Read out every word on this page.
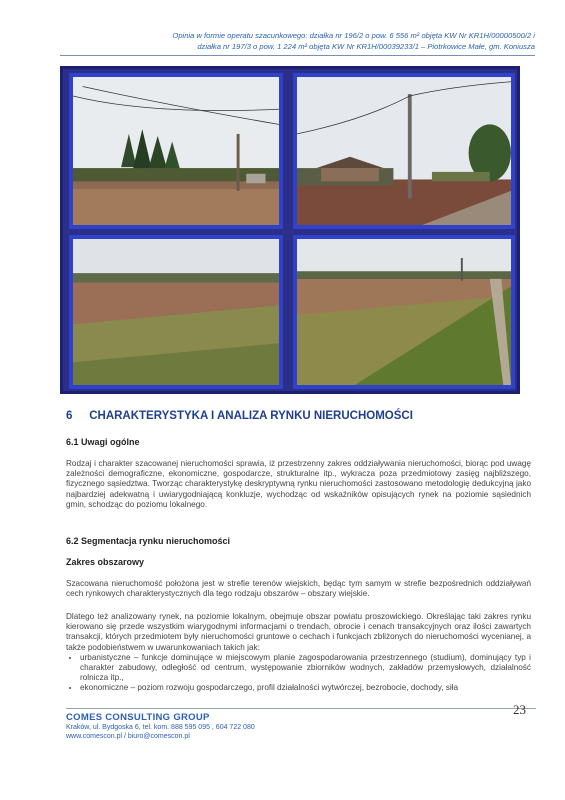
Opinia w formie operatu szacunkowego: działka nr 196/2 o pow. 6 556 m² objęta KW Nr KR1H/00000500/2 i
działka nr 197/3 o pow. 1 224 m² objęta KW Nr KR1H/00039233/1 – Piotrkowice Małe, gm. Koniusza
6 CHARAKTERYSTYKA I ANALIZA RYNKU NIERUCHOMOŚCI
6.1 Uwagi ogólne
Rodzaj i charakter szacowanej nieruchomości sprawia, iż przestrzenny zakres oddziaływania nieruchomości, biorąc pod uwagę zależności demograficzne, ekonomiczne, gospodarcze, strukturalne itp., wykracza poza przedmiotowy zasięg najbliższego, fizycznego sąsiedztwa. Tworząc charakterystykę deskryptywną rynku nieruchomości zastosowano metodologię dedukcyjną jako najbardziej adekwatną i uwiarygodniającą konkluzje, wychodząc od wskaźników opisujących rynek na poziomie sąsiednich gmin, schodząc do poziomu lokalnego.
6.2 Segmentacja rynku nieruchomości
Zakres obszarowy
Szacowana nieruchomość położona jest w strefie terenów wiejskich, będąc tym samym w strefie bezpośrednich oddziaływań cech rynkowych charakterystycznych dla tego rodzaju obszarów – obszary wiejskie.

Dlatego też analizowany rynek, na poziomie lokalnym, obejmuje obszar powiatu proszowickiego. Określając taki zakres rynku kierowano się przede wszystkim wiarygodnymi informacjami o trendach, obrocie i cenach transakcyjnych oraz ilości zawartych transakcji, których przedmiotem były nieruchomości gruntowe o cechach i funkcjach zbliżonych do nieruchomości wycenianej, a także podobieństwem w uwarunkowaniach takich jak:

• urbanistyczne – funkcje dominujące w miejscowym planie zagospodarowania przestrzennego (studium), dominujący typ i charakter zabudowy, odległość od centrum, występowanie zbiorników wodnych, zakładów przemysłowych, działalność rolnicza itp.,
• ekonomiczne – poziom rozwoju gospodarczego, profil działalności wytwórczej, bezrobocie, dochody, siła
23
COMES CONSULTING GROUP
Kraków, ul. Bydgoska 6, tel. kom. 888 595 095 , 604 722 080
www.comescon.pl / biuro@comescon.pl
